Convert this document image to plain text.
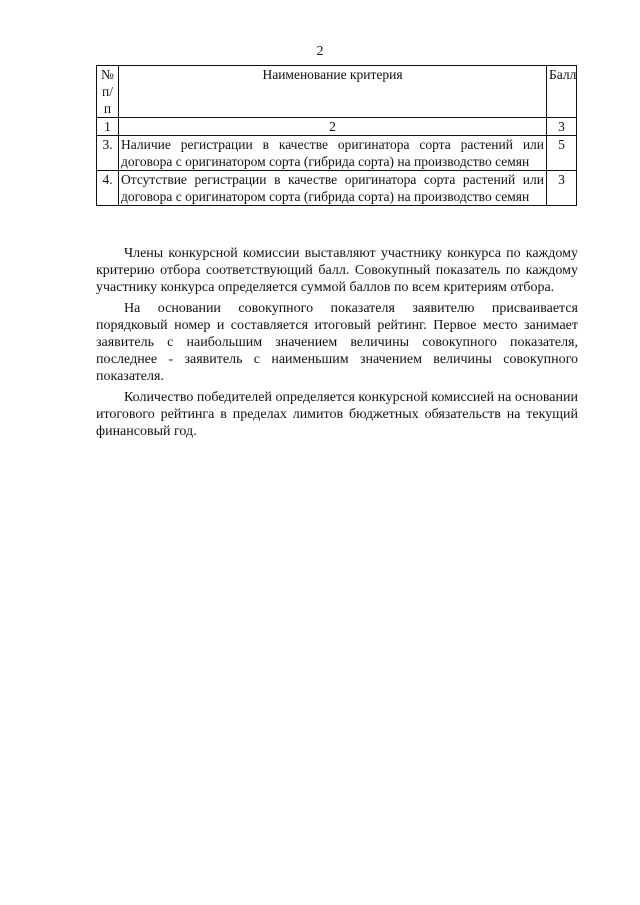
2
№ п/п	Наименование критерия	Балл
1	2	3
3.	Наличие регистрации в качестве оригинатора сорта растений или договора с оригинатором сорта (гибрида сорта) на производство семян	5
4.	Отсутствие регистрации в качестве оригинатора сорта растений или договора с оригинатором сорта (гибрида сорта) на производство семян	3

Члены конкурсной комиссии выставляют участнику конкурса по каждому критерию отбора соответствующий балл. Совокупный показатель по каждому участнику конкурса определяется суммой баллов по всем критериям отбора.

На основании совокупного показателя заявителю присваивается порядковый номер и составляется итоговый рейтинг. Первое место занимает заявитель с наибольшим значением величины совокупного показателя, последнее - заявитель с наименьшим значением величины совокупного показателя.

Количество победителей определяется конкурсной комиссией на основании итогового рейтинга в пределах лимитов бюджетных обязательств на текущий финансовый год.
